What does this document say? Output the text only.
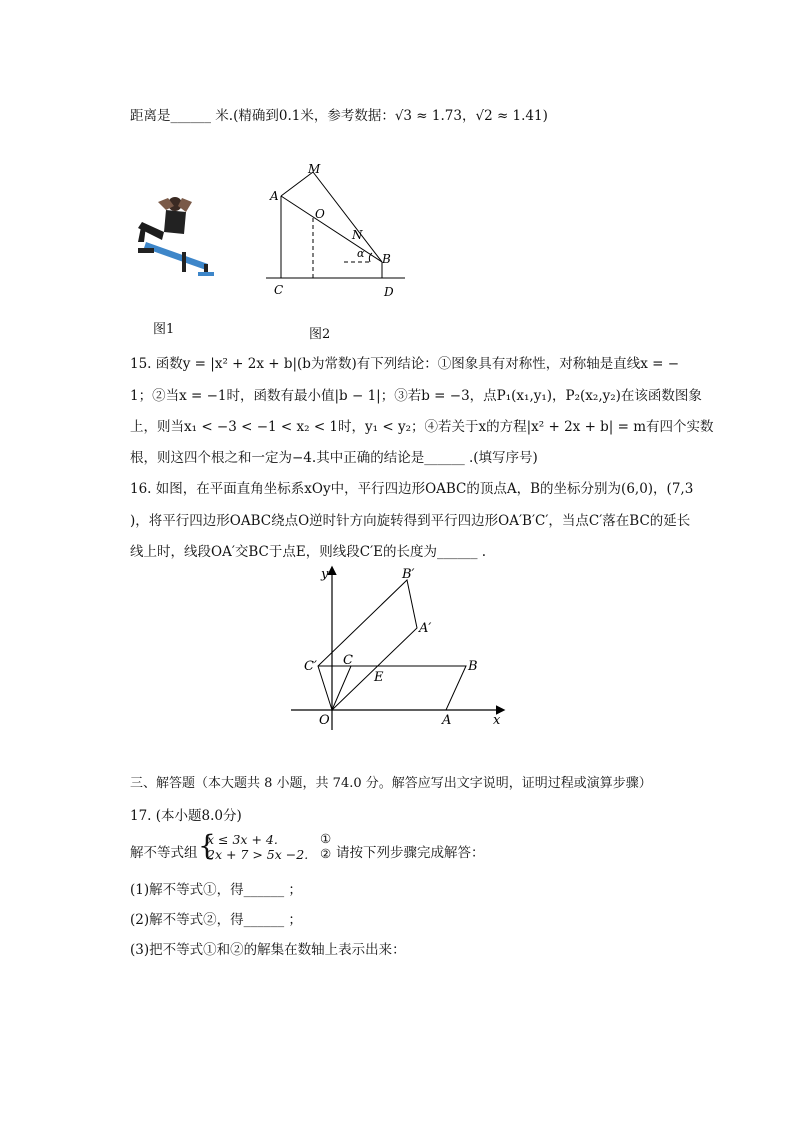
距离是______ 米.(精确到0.1米，参考数据：√3 ≈ 1.73，√2 ≈ 1.41)
图1
M
A
O
N
α B
C	D
图2
15. 函数y = |x² + 2x + b|(b为常数)有下列结论：①图象具有对称性，对称轴是直线x = −
1；②当x = −1时，函数有最小值|b − 1|；③若b = −3，点P₁(x₁,y₁)，P₂(x₂,y₂)在该函数图象
上，则当x₁ < −3 < −1 < x₂ < 1时，y₁ < y₂；④若关于x的方程|x² + 2x + b| = m有四个实数
根，则这四个根之和一定为−4.其中正确的结论是______ .(填写序号)
16. 如图，在平面直角坐标系xOy中，平行四边形OABC的顶点A，B的坐标分别为(6,0)，(7,3
)，将平行四边形OABC绕点O逆时针方向旋转得到平行四边形OA′B′C′，当点C′落在BC的延长
线上时，线段OA′交BC于点E，则线段C′E的长度为______ .
y
x
O	A
B
C
C′
B′
A′
E
三、解答题（本大题共 8 小题，共 74.0 分。解答应写出文字说明，证明过程或演算步骤）
17. (本小题8.0分)
解不等式组 {
x ≤ 3x + 4.
2x + 7 > 5x −2.
①
② 请按下列步骤完成解答：
(1)解不等式①，得______ ；
(2)解不等式②，得______ ；
(3)把不等式①和②的解集在数轴上表示出来：
